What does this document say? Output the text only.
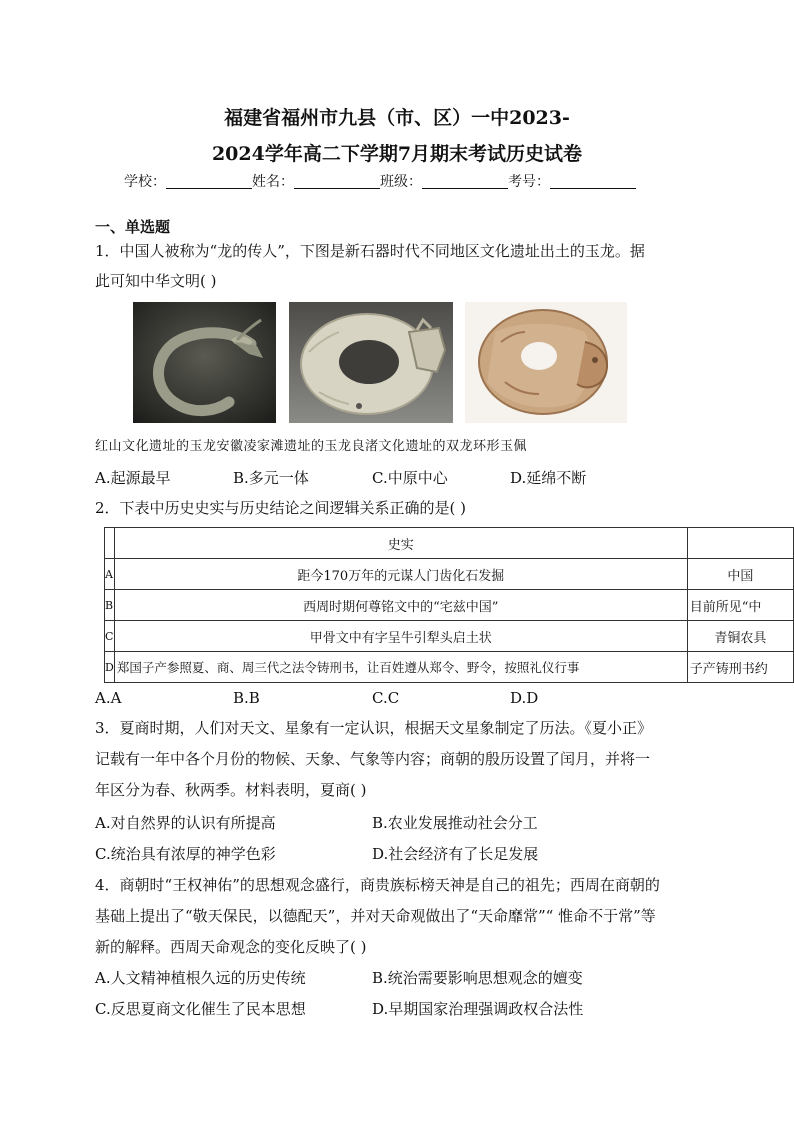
福建省福州市九县（市、区）一中2023-
2024学年高二下学期7月期末考试历史试卷
学校：	姓名：	班级：	考号：
一、单选题
1．中国人被称为“龙的传人”，下图是新石器时代不同地区文化遗址出土的玉龙。据
此可知中华文明( )
红山文化遗址的玉龙安徽凌家滩遗址的玉龙良渚文化遗址的双龙环形玉佩
A.起源最早	B.多元一体	C.中原中心	D.延绵不断
2．下表中历史史实与历史结论之间逻辑关系正确的是( )
	史实	
A	距今170万年的元谋人门齿化石发掘	中国
B	西周时期何尊铭文中的“宅兹中国”	目前所见“中
C	甲骨文中有字呈牛引犁头启土状	青铜农具
D	郑国子产参照夏、商、周三代之法令铸刑书，让百姓遵从郑令、野令，按照礼仪行事	子产铸刑书约
A.A	B.B	C.C	D.D
3．夏商时期，人们对天文、星象有一定认识，根据天文星象制定了历法。《夏小正》
记载有一年中各个月份的物候、天象、气象等内容；商朝的殷历设置了闰月，并将一
年区分为春、秋两季。材料表明，夏商( )
A.对自然界的认识有所提高	B.农业发展推动社会分工
C.统治具有浓厚的神学色彩	D.社会经济有了长足发展
4．商朝时“王权神佑”的思想观念盛行，商贵族标榜天神是自己的祖先；西周在商朝的
基础上提出了“敬天保民，以德配天”，并对天命观做出了“天命靡常”“ 惟命不于常”等
新的解释。西周天命观念的变化反映了( )
A.人文精神植根久远的历史传统	B.统治需要影响思想观念的嬗变
C.反思夏商文化催生了民本思想	D.早期国家治理强调政权合法性
